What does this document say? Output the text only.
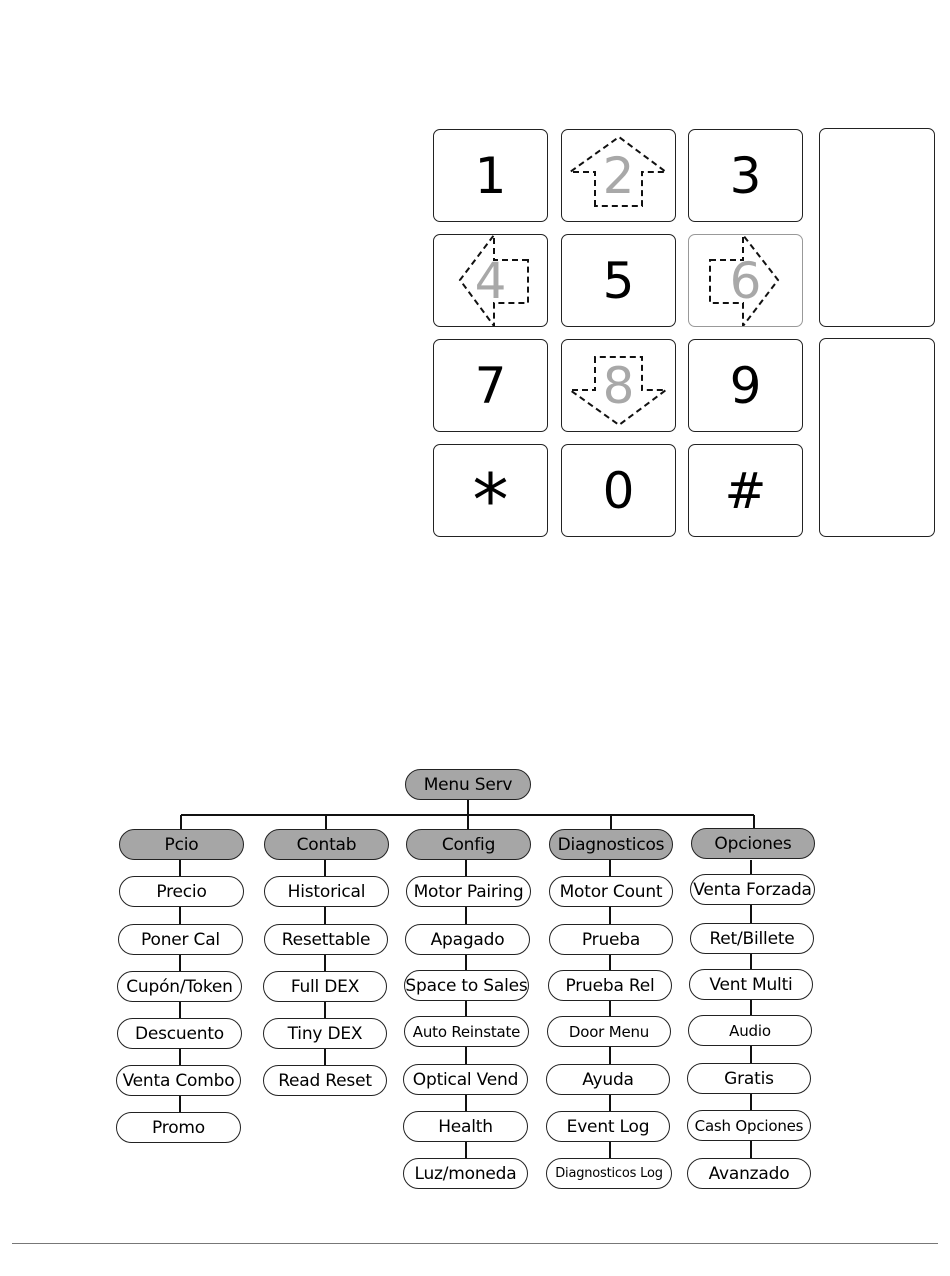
1	2	3
4	5	6
7	8	9
*	0	#
Menu Serv
Pcio
Precio
Poner Cal
Cupón/Token
Descuento
Venta Combo
Promo
Contab
Historical
Resettable
Full DEX
Tiny DEX
Read Reset
Config
Motor Pairing
Apagado
Space to Sales
Auto Reinstate
Optical Vend
Health
Luz/moneda
Diagnosticos
Motor Count
Prueba
Prueba Rel
Door Menu
Ayuda
Event Log
Diagnosticos Log
Opciones
Venta Forzada
Ret/Billete
Vent Multi
Audio
Gratis
Cash Opciones
Avanzado
